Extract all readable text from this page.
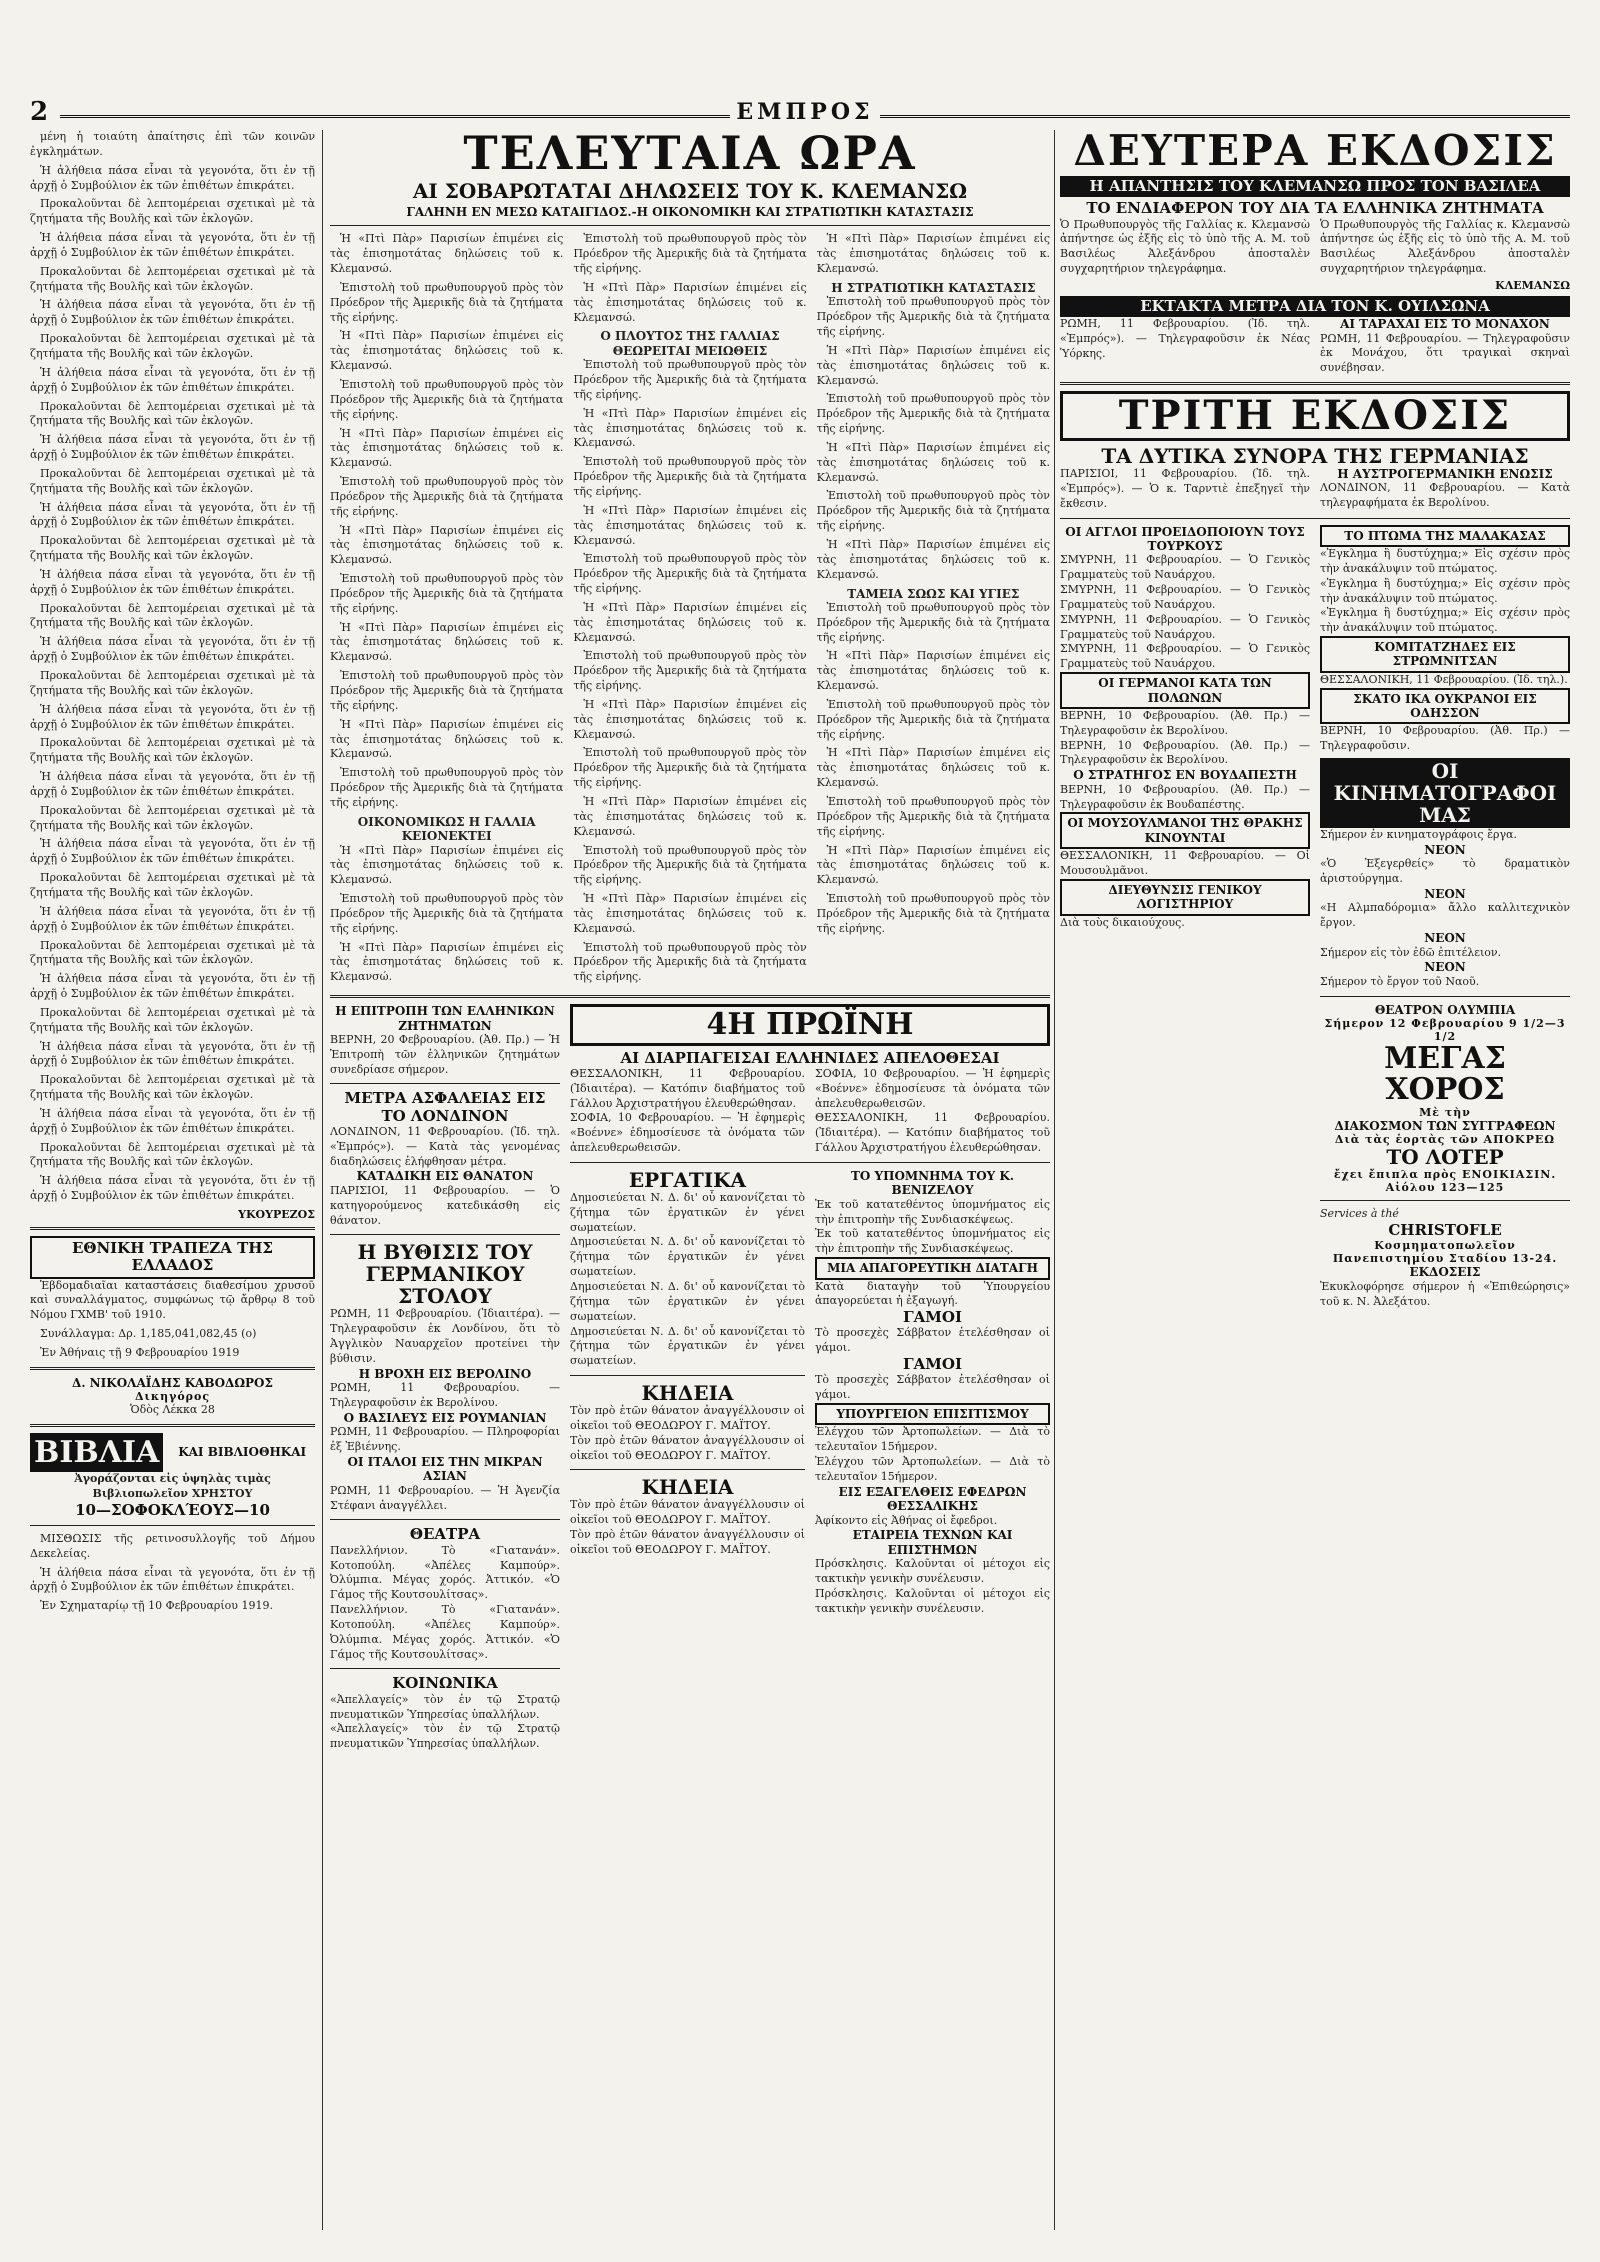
2	ΕΜΠΡΟΣ

μένη ἡ τοιαύτη ἀπαίτησις ἐπὶ τῶν κοινῶν ἐγκλημάτων.

Ἡ ἀλήθεια πάσα εἶναι τὰ γεγονότα, ὅτι ἐν τῇ ἀρχῇ ὁ Συμβούλιον ἐκ τῶν ἐπιθέτων ἐπικράτει.

Προκαλοῦνται δὲ λεπτομέρειαι σχετικαὶ μὲ τὰ ζητήματα τῆς Βουλῆς καὶ τῶν ἐκλογῶν.

Ἡ ἀλήθεια πάσα εἶναι τὰ γεγονότα, ὅτι ἐν τῇ ἀρχῇ ὁ Συμβούλιον ἐκ τῶν ἐπιθέτων ἐπικράτει.

Προκαλοῦνται δὲ λεπτομέρειαι σχετικαὶ μὲ τὰ ζητήματα τῆς Βουλῆς καὶ τῶν ἐκλογῶν.

Ἡ ἀλήθεια πάσα εἶναι τὰ γεγονότα, ὅτι ἐν τῇ ἀρχῇ ὁ Συμβούλιον ἐκ τῶν ἐπιθέτων ἐπικράτει.

Προκαλοῦνται δὲ λεπτομέρειαι σχετικαὶ μὲ τὰ ζητήματα τῆς Βουλῆς καὶ τῶν ἐκλογῶν.

Ἡ ἀλήθεια πάσα εἶναι τὰ γεγονότα, ὅτι ἐν τῇ ἀρχῇ ὁ Συμβούλιον ἐκ τῶν ἐπιθέτων ἐπικράτει.

Προκαλοῦνται δὲ λεπτομέρειαι σχετικαὶ μὲ τὰ ζητήματα τῆς Βουλῆς καὶ τῶν ἐκλογῶν.

Ἡ ἀλήθεια πάσα εἶναι τὰ γεγονότα, ὅτι ἐν τῇ ἀρχῇ ὁ Συμβούλιον ἐκ τῶν ἐπιθέτων ἐπικράτει.

Προκαλοῦνται δὲ λεπτομέρειαι σχετικαὶ μὲ τὰ ζητήματα τῆς Βουλῆς καὶ τῶν ἐκλογῶν.

Ἡ ἀλήθεια πάσα εἶναι τὰ γεγονότα, ὅτι ἐν τῇ ἀρχῇ ὁ Συμβούλιον ἐκ τῶν ἐπιθέτων ἐπικράτει.

Προκαλοῦνται δὲ λεπτομέρειαι σχετικαὶ μὲ τὰ ζητήματα τῆς Βουλῆς καὶ τῶν ἐκλογῶν.

Ἡ ἀλήθεια πάσα εἶναι τὰ γεγονότα, ὅτι ἐν τῇ ἀρχῇ ὁ Συμβούλιον ἐκ τῶν ἐπιθέτων ἐπικράτει.

Προκαλοῦνται δὲ λεπτομέρειαι σχετικαὶ μὲ τὰ ζητήματα τῆς Βουλῆς καὶ τῶν ἐκλογῶν.

Ἡ ἀλήθεια πάσα εἶναι τὰ γεγονότα, ὅτι ἐν τῇ ἀρχῇ ὁ Συμβούλιον ἐκ τῶν ἐπιθέτων ἐπικράτει.

Προκαλοῦνται δὲ λεπτομέρειαι σχετικαὶ μὲ τὰ ζητήματα τῆς Βουλῆς καὶ τῶν ἐκλογῶν.

Ἡ ἀλήθεια πάσα εἶναι τὰ γεγονότα, ὅτι ἐν τῇ ἀρχῇ ὁ Συμβούλιον ἐκ τῶν ἐπιθέτων ἐπικράτει.

Προκαλοῦνται δὲ λεπτομέρειαι σχετικαὶ μὲ τὰ ζητήματα τῆς Βουλῆς καὶ τῶν ἐκλογῶν.

Ἡ ἀλήθεια πάσα εἶναι τὰ γεγονότα, ὅτι ἐν τῇ ἀρχῇ ὁ Συμβούλιον ἐκ τῶν ἐπιθέτων ἐπικράτει.

Προκαλοῦνται δὲ λεπτομέρειαι σχετικαὶ μὲ τὰ ζητήματα τῆς Βουλῆς καὶ τῶν ἐκλογῶν.

Ἡ ἀλήθεια πάσα εἶναι τὰ γεγονότα, ὅτι ἐν τῇ ἀρχῇ ὁ Συμβούλιον ἐκ τῶν ἐπιθέτων ἐπικράτει.

Προκαλοῦνται δὲ λεπτομέρειαι σχετικαὶ μὲ τὰ ζητήματα τῆς Βουλῆς καὶ τῶν ἐκλογῶν.

Ἡ ἀλήθεια πάσα εἶναι τὰ γεγονότα, ὅτι ἐν τῇ ἀρχῇ ὁ Συμβούλιον ἐκ τῶν ἐπιθέτων ἐπικράτει.

Προκαλοῦνται δὲ λεπτομέρειαι σχετικαὶ μὲ τὰ ζητήματα τῆς Βουλῆς καὶ τῶν ἐκλογῶν.

Ἡ ἀλήθεια πάσα εἶναι τὰ γεγονότα, ὅτι ἐν τῇ ἀρχῇ ὁ Συμβούλιον ἐκ τῶν ἐπιθέτων ἐπικράτει.

Προκαλοῦνται δὲ λεπτομέρειαι σχετικαὶ μὲ τὰ ζητήματα τῆς Βουλῆς καὶ τῶν ἐκλογῶν.

Ἡ ἀλήθεια πάσα εἶναι τὰ γεγονότα, ὅτι ἐν τῇ ἀρχῇ ὁ Συμβούλιον ἐκ τῶν ἐπιθέτων ἐπικράτει.

Προκαλοῦνται δὲ λεπτομέρειαι σχετικαὶ μὲ τὰ ζητήματα τῆς Βουλῆς καὶ τῶν ἐκλογῶν.

Ἡ ἀλήθεια πάσα εἶναι τὰ γεγονότα, ὅτι ἐν τῇ ἀρχῇ ὁ Συμβούλιον ἐκ τῶν ἐπιθέτων ἐπικράτει.

Προκαλοῦνται δὲ λεπτομέρειαι σχετικαὶ μὲ τὰ ζητήματα τῆς Βουλῆς καὶ τῶν ἐκλογῶν.

Ἡ ἀλήθεια πάσα εἶναι τὰ γεγονότα, ὅτι ἐν τῇ ἀρχῇ ὁ Συμβούλιον ἐκ τῶν ἐπιθέτων ἐπικράτει.

ΥΚΟΥΡΕΖΟΣ
ΕΘΝΙΚΗ ΤΡΑΠΕΖΑ ΤΗΣ ΕΛΛΑΔΟΣ

Ἑβδομαδιαῖαι καταστάσεις διαθεσίμου χρυσοῦ καὶ συναλλάγματος, συμφώνως τῷ ἄρθρῳ 8 τοῦ Νόμου ΓΧΜΒ' τοῦ 1910.

Συνάλλαγμα: Δρ. 1,185,041,082,45 (ο)

Ἐν Ἀθήναις τῇ 9 Φεβρουαρίου 1919

Δ. ΝΙΚΟΛΑΪΔΗΣ ΚΑΒΟΔΩΡΟΣ
Δικηγόρος
Ὁδὸς Λέκκα 28
ΒΙΒΛΙΑ	ΚΑΙ ΒΙΒΛΙΟΘΗΚΑΙ
Ἀγοράζονται εἰς ὑψηλὰς τιμὰς Βιβλιοπωλεῖον ΧΡΗΣΤΟΥ
10—ΣΟΦΟΚΛΈΟΥΣ—10

ΜΙΣΘΩΣΙΣ τῆς ρετινοσυλλογῆς τοῦ Δήμου Δεκελείας.

Ἡ ἀλήθεια πάσα εἶναι τὰ γεγονότα, ὅτι ἐν τῇ ἀρχῇ ὁ Συμβούλιον ἐκ τῶν ἐπιθέτων ἐπικράτει.

Ἐν Σχηματαρίῳ τῇ 10 Φεβρουαρίου 1919.

ΤΕΛΕΥΤΑΙΑ ΩΡΑ
ΑΙ ΣΟΒΑΡΩΤΑΤΑΙ ΔΗΛΩΣΕΙΣ ΤΟΥ Κ. ΚΛΕΜΑΝΣΩ
ΓΑΛΗΝΗ ΕΝ ΜΕΣΩ ΚΑΤΑΙΓΙΔΟΣ.-Η ΟΙΚΟΝΟΜΙΚΗ ΚΑΙ ΣΤΡΑΤΙΩΤΙΚΗ ΚΑΤΑΣΤΑΣΙΣ

Ἡ «Πτὶ Πὰρ» Παρισίων ἐπιμένει εἰς τὰς ἐπισημοτάτας δηλώσεις τοῦ κ. Κλεμανσώ.

Ἐπιστολὴ τοῦ πρωθυπουργοῦ πρὸς τὸν Πρόεδρον τῆς Ἀμερικῆς διὰ τὰ ζητήματα τῆς εἰρήνης.

Ἡ «Πτὶ Πὰρ» Παρισίων ἐπιμένει εἰς τὰς ἐπισημοτάτας δηλώσεις τοῦ κ. Κλεμανσώ.

Ἐπιστολὴ τοῦ πρωθυπουργοῦ πρὸς τὸν Πρόεδρον τῆς Ἀμερικῆς διὰ τὰ ζητήματα τῆς εἰρήνης.

Ἡ «Πτὶ Πὰρ» Παρισίων ἐπιμένει εἰς τὰς ἐπισημοτάτας δηλώσεις τοῦ κ. Κλεμανσώ.

Ἐπιστολὴ τοῦ πρωθυπουργοῦ πρὸς τὸν Πρόεδρον τῆς Ἀμερικῆς διὰ τὰ ζητήματα τῆς εἰρήνης.

Ἡ «Πτὶ Πὰρ» Παρισίων ἐπιμένει εἰς τὰς ἐπισημοτάτας δηλώσεις τοῦ κ. Κλεμανσώ.

Ἐπιστολὴ τοῦ πρωθυπουργοῦ πρὸς τὸν Πρόεδρον τῆς Ἀμερικῆς διὰ τὰ ζητήματα τῆς εἰρήνης.

Ἡ «Πτὶ Πὰρ» Παρισίων ἐπιμένει εἰς τὰς ἐπισημοτάτας δηλώσεις τοῦ κ. Κλεμανσώ.

Ἐπιστολὴ τοῦ πρωθυπουργοῦ πρὸς τὸν Πρόεδρον τῆς Ἀμερικῆς διὰ τὰ ζητήματα τῆς εἰρήνης.

Ἡ «Πτὶ Πὰρ» Παρισίων ἐπιμένει εἰς τὰς ἐπισημοτάτας δηλώσεις τοῦ κ. Κλεμανσώ.

Ἐπιστολὴ τοῦ πρωθυπουργοῦ πρὸς τὸν Πρόεδρον τῆς Ἀμερικῆς διὰ τὰ ζητήματα τῆς εἰρήνης.

ΟΙΚΟΝΟΜΙΚΩΣ Η ΓΑΛΛΙΑ ΚΕΙΟΝΕΚΤΕΙ

Ἡ «Πτὶ Πὰρ» Παρισίων ἐπιμένει εἰς τὰς ἐπισημοτάτας δηλώσεις τοῦ κ. Κλεμανσώ.

Ἐπιστολὴ τοῦ πρωθυπουργοῦ πρὸς τὸν Πρόεδρον τῆς Ἀμερικῆς διὰ τὰ ζητήματα τῆς εἰρήνης.

Ἡ «Πτὶ Πὰρ» Παρισίων ἐπιμένει εἰς τὰς ἐπισημοτάτας δηλώσεις τοῦ κ. Κλεμανσώ.

Ἐπιστολὴ τοῦ πρωθυπουργοῦ πρὸς τὸν Πρόεδρον τῆς Ἀμερικῆς διὰ τὰ ζητήματα τῆς εἰρήνης.

Ἡ «Πτὶ Πὰρ» Παρισίων ἐπιμένει εἰς τὰς ἐπισημοτάτας δηλώσεις τοῦ κ. Κλεμανσώ.

Ο ΠΛΟΥΤΟΣ ΤΗΣ ΓΑΛΛΙΑΣ ΘΕΩΡΕΙΤΑΙ ΜΕΙΩΘΕΙΣ

Ἐπιστολὴ τοῦ πρωθυπουργοῦ πρὸς τὸν Πρόεδρον τῆς Ἀμερικῆς διὰ τὰ ζητήματα τῆς εἰρήνης.

Ἡ «Πτὶ Πὰρ» Παρισίων ἐπιμένει εἰς τὰς ἐπισημοτάτας δηλώσεις τοῦ κ. Κλεμανσώ.

Ἐπιστολὴ τοῦ πρωθυπουργοῦ πρὸς τὸν Πρόεδρον τῆς Ἀμερικῆς διὰ τὰ ζητήματα τῆς εἰρήνης.

Ἡ «Πτὶ Πὰρ» Παρισίων ἐπιμένει εἰς τὰς ἐπισημοτάτας δηλώσεις τοῦ κ. Κλεμανσώ.

Ἐπιστολὴ τοῦ πρωθυπουργοῦ πρὸς τὸν Πρόεδρον τῆς Ἀμερικῆς διὰ τὰ ζητήματα τῆς εἰρήνης.

Ἡ «Πτὶ Πὰρ» Παρισίων ἐπιμένει εἰς τὰς ἐπισημοτάτας δηλώσεις τοῦ κ. Κλεμανσώ.

Ἐπιστολὴ τοῦ πρωθυπουργοῦ πρὸς τὸν Πρόεδρον τῆς Ἀμερικῆς διὰ τὰ ζητήματα τῆς εἰρήνης.

Ἡ «Πτὶ Πὰρ» Παρισίων ἐπιμένει εἰς τὰς ἐπισημοτάτας δηλώσεις τοῦ κ. Κλεμανσώ.

Ἐπιστολὴ τοῦ πρωθυπουργοῦ πρὸς τὸν Πρόεδρον τῆς Ἀμερικῆς διὰ τὰ ζητήματα τῆς εἰρήνης.

Ἡ «Πτὶ Πὰρ» Παρισίων ἐπιμένει εἰς τὰς ἐπισημοτάτας δηλώσεις τοῦ κ. Κλεμανσώ.

Ἐπιστολὴ τοῦ πρωθυπουργοῦ πρὸς τὸν Πρόεδρον τῆς Ἀμερικῆς διὰ τὰ ζητήματα τῆς εἰρήνης.

Ἡ «Πτὶ Πὰρ» Παρισίων ἐπιμένει εἰς τὰς ἐπισημοτάτας δηλώσεις τοῦ κ. Κλεμανσώ.

Ἐπιστολὴ τοῦ πρωθυπουργοῦ πρὸς τὸν Πρόεδρον τῆς Ἀμερικῆς διὰ τὰ ζητήματα τῆς εἰρήνης.

Ἡ «Πτὶ Πὰρ» Παρισίων ἐπιμένει εἰς τὰς ἐπισημοτάτας δηλώσεις τοῦ κ. Κλεμανσώ.

Η ΣΤΡΑΤΙΩΤΙΚΗ ΚΑΤΑΣΤΑΣΙΣ

Ἐπιστολὴ τοῦ πρωθυπουργοῦ πρὸς τὸν Πρόεδρον τῆς Ἀμερικῆς διὰ τὰ ζητήματα τῆς εἰρήνης.

Ἡ «Πτὶ Πὰρ» Παρισίων ἐπιμένει εἰς τὰς ἐπισημοτάτας δηλώσεις τοῦ κ. Κλεμανσώ.

Ἐπιστολὴ τοῦ πρωθυπουργοῦ πρὸς τὸν Πρόεδρον τῆς Ἀμερικῆς διὰ τὰ ζητήματα τῆς εἰρήνης.

Ἡ «Πτὶ Πὰρ» Παρισίων ἐπιμένει εἰς τὰς ἐπισημοτάτας δηλώσεις τοῦ κ. Κλεμανσώ.

Ἐπιστολὴ τοῦ πρωθυπουργοῦ πρὸς τὸν Πρόεδρον τῆς Ἀμερικῆς διὰ τὰ ζητήματα τῆς εἰρήνης.

Ἡ «Πτὶ Πὰρ» Παρισίων ἐπιμένει εἰς τὰς ἐπισημοτάτας δηλώσεις τοῦ κ. Κλεμανσώ.

ΤΑΜΕΙΑ ΣΩΩΣ ΚΑΙ ΥΓΙΕΣ

Ἐπιστολὴ τοῦ πρωθυπουργοῦ πρὸς τὸν Πρόεδρον τῆς Ἀμερικῆς διὰ τὰ ζητήματα τῆς εἰρήνης.

Ἡ «Πτὶ Πὰρ» Παρισίων ἐπιμένει εἰς τὰς ἐπισημοτάτας δηλώσεις τοῦ κ. Κλεμανσώ.

Ἐπιστολὴ τοῦ πρωθυπουργοῦ πρὸς τὸν Πρόεδρον τῆς Ἀμερικῆς διὰ τὰ ζητήματα τῆς εἰρήνης.

Ἡ «Πτὶ Πὰρ» Παρισίων ἐπιμένει εἰς τὰς ἐπισημοτάτας δηλώσεις τοῦ κ. Κλεμανσώ.

Ἐπιστολὴ τοῦ πρωθυπουργοῦ πρὸς τὸν Πρόεδρον τῆς Ἀμερικῆς διὰ τὰ ζητήματα τῆς εἰρήνης.

Ἡ «Πτὶ Πὰρ» Παρισίων ἐπιμένει εἰς τὰς ἐπισημοτάτας δηλώσεις τοῦ κ. Κλεμανσώ.

Ἐπιστολὴ τοῦ πρωθυπουργοῦ πρὸς τὸν Πρόεδρον τῆς Ἀμερικῆς διὰ τὰ ζητήματα τῆς εἰρήνης.

Η ΕΠΙΤΡΟΠΗ ΤΩΝ ΕΛΛΗΝΙΚΩΝ ΖΗΤΗΜΑΤΩΝ
ΒΕΡΝΗ, 20 Φεβρουαρίου. (Ἀθ. Πρ.) — Ἡ Ἐπιτροπὴ τῶν ἑλληνικῶν ζητημάτων συνεδρίασε σήμερον.
ΜΕΤΡΑ ΑΣΦΑΛΕΙΑΣ ΕΙΣ ΤΟ ΛΟΝΔΙΝΟΝ
ΛΟΝΔΙΝΟΝ, 11 Φεβρουαρίου. (Ἰδ. τηλ. «Ἐμπρός»). — Κατὰ τὰς γενομένας διαδηλώσεις ἐλήφθησαν μέτρα.
ΚΑΤΑΔΙΚΗ ΕΙΣ ΘΑΝΑΤΟΝ
ΠΑΡΙΣΙΟΙ, 11 Φεβρουαρίου. — Ὁ κατηγορούμενος κατεδικάσθη εἰς θάνατον.
Η ΒΥΘΙΣΙΣ ΤΟΥ ΓΕΡΜΑΝΙΚΟΥ ΣΤΟΛΟΥ
ΡΩΜΗ, 11 Φεβρουαρίου. (Ἰδιαιτέρα). — Τηλεγραφοῦσιν ἐκ Λονδίνου, ὅτι τὸ Ἀγγλικὸν Ναυαρχεῖον προτείνει τὴν βύθισιν.
Η ΒΡΟΧΗ ΕΙΣ ΒΕΡΟΛΙΝΟ
ΡΩΜΗ, 11 Φεβρουαρίου. — Τηλεγραφοῦσιν ἐκ Βερολίνου.
Ο ΒΑΣΙΛΕΥΣ ΕΙΣ ΡΟΥΜΑΝΙΑΝ
ΡΩΜΗ, 11 Φεβρουαρίου. — Πληροφορίαι ἐξ Ἐβιέννης.
ΟΙ ΙΤΑΛΟΙ ΕΙΣ ΤΗΝ ΜΙΚΡΑΝ ΑΣΙΑΝ
ΡΩΜΗ, 11 Φεβρουαρίου. — Ἡ Ἀγενζία Στέφανι ἀναγγέλλει.
ΘΕΑΤΡΑ
Πανελλήνιον. Τὸ «Γιατανάν». Κοτοπούλη. «Ἀπέλες Καμπούρ». Ὀλύμπια. Μέγας χορός. Ἀττικόν. «Ὁ Γάμος τῆς Κουτσουλίτσας».
Πανελλήνιον. Τὸ «Γιατανάν». Κοτοπούλη. «Ἀπέλες Καμπούρ». Ὀλύμπια. Μέγας χορός. Ἀττικόν. «Ὁ Γάμος τῆς Κουτσουλίτσας».
ΚΟΙΝΩΝΙΚΑ
«Ἀπελλαγείς» τὸν ἐν τῷ Στρατῷ πνευματικῶν Ὑπηρεσίας ὑπαλλήλων.
«Ἀπελλαγείς» τὸν ἐν τῷ Στρατῷ πνευματικῶν Ὑπηρεσίας ὑπαλλήλων.
4Η ΠΡΩΪΝΗ
ΑΙ ΔΙΑΡΠΑΓΕΙΣΑΙ ΕΛΛΗΝΙΔΕΣ ΑΠΕΛΟΘΕΣΑΙ
ΘΕΣΣΑΛΟΝΙΚΗ, 11 Φεβρουαρίου. (Ἰδιαιτέρα). — Κατόπιν διαβήματος τοῦ Γάλλου Ἀρχιστρατήγου ἐλευθερώθησαν.
ΣΟΦΙΑ, 10 Φεβρουαρίου. — Ἡ ἐφημερὶς «Βοέννε» ἐδημοσίευσε τὰ ὀνόματα τῶν ἀπελευθερωθεισῶν.
ΣΟΦΙΑ, 10 Φεβρουαρίου. — Ἡ ἐφημερὶς «Βοέννε» ἐδημοσίευσε τὰ ὀνόματα τῶν ἀπελευθερωθεισῶν.
ΘΕΣΣΑΛΟΝΙΚΗ, 11 Φεβρουαρίου. (Ἰδιαιτέρα). — Κατόπιν διαβήματος τοῦ Γάλλου Ἀρχιστρατήγου ἐλευθερώθησαν.
ΕΡΓΑΤΙΚΑ
Δημοσιεύεται Ν. Δ. δι' οὗ κανονίζεται τὸ ζήτημα τῶν ἐργατικῶν ἐν γένει σωματείων.
Δημοσιεύεται Ν. Δ. δι' οὗ κανονίζεται τὸ ζήτημα τῶν ἐργατικῶν ἐν γένει σωματείων.
Δημοσιεύεται Ν. Δ. δι' οὗ κανονίζεται τὸ ζήτημα τῶν ἐργατικῶν ἐν γένει σωματείων.
Δημοσιεύεται Ν. Δ. δι' οὗ κανονίζεται τὸ ζήτημα τῶν ἐργατικῶν ἐν γένει σωματείων.
ΚΗΔΕΙΑ
Τὸν πρὸ ἐτῶν θάνατον ἀναγγέλλουσιν οἱ οἰκεῖοι τοῦ ΘΕΟΔΩΡΟΥ Γ. ΜΑΪΤΟΥ.
Τὸν πρὸ ἐτῶν θάνατον ἀναγγέλλουσιν οἱ οἰκεῖοι τοῦ ΘΕΟΔΩΡΟΥ Γ. ΜΑΪΤΟΥ.
ΚΗΔΕΙΑ
Τὸν πρὸ ἐτῶν θάνατον ἀναγγέλλουσιν οἱ οἰκεῖοι τοῦ ΘΕΟΔΩΡΟΥ Γ. ΜΑΪΤΟΥ.
Τὸν πρὸ ἐτῶν θάνατον ἀναγγέλλουσιν οἱ οἰκεῖοι τοῦ ΘΕΟΔΩΡΟΥ Γ. ΜΑΪΤΟΥ.
ΤΟ ΥΠΟΜΝΗΜΑ ΤΟΥ Κ. ΒΕΝΙΖΕΛΟΥ
Ἐκ τοῦ κατατεθέντος ὑπομνήματος εἰς τὴν ἐπιτροπὴν τῆς Συνδιασκέψεως.
Ἐκ τοῦ κατατεθέντος ὑπομνήματος εἰς τὴν ἐπιτροπὴν τῆς Συνδιασκέψεως.
ΜΙΑ ΑΠΑΓΟΡΕΥΤΙΚΗ ΔΙΑΤΑΓΗ
Κατὰ διαταγὴν τοῦ Ὑπουργείου ἀπαγορεύεται ἡ ἐξαγωγή.
ΓΑΜΟΙ
Τὸ προσεχὲς Σάββατον ἑτελέσθησαν οἱ γάμοι.
ΓΑΜΟΙ
Τὸ προσεχὲς Σάββατον ἑτελέσθησαν οἱ γάμοι.
ΥΠΟΥΡΓΕΙΟΝ ΕΠΙΣΙΤΙΣΜΟΥ
Ἐλέγχου τῶν Ἀρτοπωλείων. — Διὰ τὸ τελευταῖον 15ήμερον.
Ἐλέγχου τῶν Ἀρτοπωλείων. — Διὰ τὸ τελευταῖον 15ήμερον.
ΕΙΣ ΕΞΑΓΕΛΘΕΙΣ ΕΦΕΔΡΩΝ ΘΕΣΣΑΛΙΚΗΣ
Ἀφίκοντο εἰς Ἀθήνας οἱ ἔφεδροι.
ΕΤΑΙΡΕΙΑ ΤΕΧΝΩΝ ΚΑΙ ΕΠΙΣΤΗΜΩΝ
Πρόσκλησις. Καλοῦνται οἱ μέτοχοι εἰς τακτικὴν γενικὴν συνέλευσιν.
Πρόσκλησις. Καλοῦνται οἱ μέτοχοι εἰς τακτικὴν γενικὴν συνέλευσιν.
ΔΕΥΤΕΡΑ ΕΚΔΟΣΙΣ
Η ΑΠΑΝΤΗΣΙΣ ΤΟΥ ΚΛΕΜΑΝΣΩ ΠΡΟΣ ΤΟΝ ΒΑΣΙΛΕΑ
ΤΟ ΕΝΔΙΑΦΕΡΟΝ ΤΟΥ ΔΙΑ ΤΑ ΕΛΛΗΝΙΚΑ ΖΗΤΗΜΑΤΑ
Ὁ Πρωθυπουργὸς τῆς Γαλλίας κ. Κλεμανσὼ ἀπήντησε ὡς ἑξῆς εἰς τὸ ὑπὸ τῆς Α. Μ. τοῦ Βασιλέως Ἀλεξάνδρου ἀποσταλὲν συγχαρητήριον τηλεγράφημα.
Ὁ Πρωθυπουργὸς τῆς Γαλλίας κ. Κλεμανσὼ ἀπήντησε ὡς ἑξῆς εἰς τὸ ὑπὸ τῆς Α. Μ. τοῦ Βασιλέως Ἀλεξάνδρου ἀποσταλὲν συγχαρητήριον τηλεγράφημα.
ΚΛΕΜΑΝΣΩ
ΕΚΤΑΚΤΑ ΜΕΤΡΑ ΔΙΑ ΤΟΝ Κ. ΟΥΙΛΣΩΝΑ
ΡΩΜΗ, 11 Φεβρουαρίου. (Ἰδ. τηλ. «Ἐμπρός»). — Τηλεγραφοῦσιν ἐκ Νέας Ὑόρκης.
ΑΙ ΤΑΡΑΧΑΙ ΕΙΣ ΤΟ ΜΟΝΑΧΟΝ
ΡΩΜΗ, 11 Φεβρουαρίου. — Τηλεγραφοῦσιν ἐκ Μονάχου, ὅτι τραγικαὶ σκηναὶ συνέβησαν.
ΤΡΙΤΗ ΕΚΔΟΣΙΣ
ΤΑ ΔΥΤΙΚΑ ΣΥΝΟΡΑ ΤΗΣ ΓΕΡΜΑΝΙΑΣ
ΠΑΡΙΣΙΟΙ, 11 Φεβρουαρίου. (Ἰδ. τηλ. «Ἐμπρός»). — Ὁ κ. Ταρντιὲ ἐπεξηγεῖ τὴν ἔκθεσιν.
Η ΑΥΣΤΡΟΓΕΡΜΑΝΙΚΗ ΕΝΩΣΙΣ
ΛΟΝΔΙΝΟΝ, 11 Φεβρουαρίου. — Κατὰ τηλεγραφήματα ἐκ Βερολίνου.
ΟΙ ΑΓΓΛΟΙ ΠΡΟΕΙΔΟΠΟΙΟΥΝ ΤΟΥΣ ΤΟΥΡΚΟΥΣ
ΣΜΥΡΝΗ, 11 Φεβρουαρίου. — Ὁ Γενικὸς Γραμματεὺς τοῦ Ναυάρχου.
ΣΜΥΡΝΗ, 11 Φεβρουαρίου. — Ὁ Γενικὸς Γραμματεὺς τοῦ Ναυάρχου.
ΣΜΥΡΝΗ, 11 Φεβρουαρίου. — Ὁ Γενικὸς Γραμματεὺς τοῦ Ναυάρχου.
ΣΜΥΡΝΗ, 11 Φεβρουαρίου. — Ὁ Γενικὸς Γραμματεὺς τοῦ Ναυάρχου.
ΟΙ ΓΕΡΜΑΝΟΙ ΚΑΤΑ ΤΩΝ ΠΟΛΩΝΩΝ
ΒΕΡΝΗ, 10 Φεβρουαρίου. (Ἀθ. Πρ.) — Τηλεγραφοῦσιν ἐκ Βερολίνου.
ΒΕΡΝΗ, 10 Φεβρουαρίου. (Ἀθ. Πρ.) — Τηλεγραφοῦσιν ἐκ Βερολίνου.
Ο ΣΤΡΑΤΗΓΟΣ ΕΝ ΒΟΥΔΑΠΕΣΤΗ
ΒΕΡΝΗ, 10 Φεβρουαρίου. (Ἀθ. Πρ.) — Τηλεγραφοῦσιν ἐκ Βουδαπέστης.
ΟΙ ΜΟΥΣΟΥΛΜΑΝΟΙ ΤΗΣ ΘΡΑΚΗΣ ΚΙΝΟΥΝΤΑΙ
ΘΕΣΣΑΛΟΝΙΚΗ, 11 Φεβρουαρίου. — Οἱ Μουσουλμᾶνοι.
ΔΙΕΥΘΥΝΣΙΣ ΓΕΝΙΚΟΥ ΛΟΓΙΣΤΗΡΙΟΥ
Διὰ τοὺς δικαιούχους.
ΤΟ ΠΤΩΜΑ ΤΗΣ ΜΑΛΑΚΑΣΑΣ
«Ἐγκλημα ἢ δυστύχημα;» Εἰς σχέσιν πρὸς τὴν ἀνακάλυψιν τοῦ πτώματος.
«Ἐγκλημα ἢ δυστύχημα;» Εἰς σχέσιν πρὸς τὴν ἀνακάλυψιν τοῦ πτώματος.
«Ἐγκλημα ἢ δυστύχημα;» Εἰς σχέσιν πρὸς τὴν ἀνακάλυψιν τοῦ πτώματος.
ΚΟΜΙΤΑΤΖΗΔΕΣ ΕΙΣ ΣΤΡΩΜΝΙΤΣΑΝ
ΘΕΣΣΑΛΟΝΙΚΗ, 11 Φεβρουαρίου. (Ἰδ. τηλ.).
ΣΚΑΤΟ ΙΚΑ ΟΥΚΡΑΝΟΙ ΕΙΣ ΟΔΗΣΣΟΝ
ΒΕΡΝΗ, 10 Φεβρουαρίου. (Ἀθ. Πρ.) — Τηλεγραφοῦσιν.
ΟΙ ΚΙΝΗΜΑΤΟΓΡΑΦΟΙ ΜΑΣ
Σήμερον ἐν κινηματογράφοις ἔργα.
ΝΕΟΝ
«Ὁ Ἐξεγερθείς» τὸ δραματικὸν ἀριστούργημα.
ΝΕΟΝ
«Η Αλμπαδόρομια» ἄλλο καλλιτεχνικὸν ἔργον.
ΝΕΟΝ
Σήμερον εἰς τὸν ἐδῶ ἐπιτέλειον.
ΝΕΟΝ
Σήμερον τὸ ἔργον τοῦ Ναοῦ.
ΘΕΑΤΡΟΝ ΟΛΥΜΠΙΑ
Σήμερον 12 Φεβρουαρίου 9 1/2—3 1/2
ΜΕΓΑΣ ΧΟΡΟΣ
Μὲ τὴν
ΔΙΑΚΟΣΜΟΝ ΤΩΝ ΣΥΓΓΡΑΦΕΩΝ
Διὰ τὰς ἑορτὰς τῶν ΑΠΟΚΡΕΩ
ΤΟ ΛΟΤΕΡ
ἔχει ἔπιπλα πρὸς ΕΝΟΙΚΙΑΣΙΝ. Αἰόλου 123—125
Services à thé
CHRISTOFLE
Κοσμηματοπωλεῖον Πανεπιστημίου Σταδίου 13-24.
ΕΚΔΟΣΕΙΣ
Ἐκυκλοφόρησε σήμερον ἡ «Ἐπιθεώρησις» τοῦ κ. Ν. Ἀλεξάτου.
